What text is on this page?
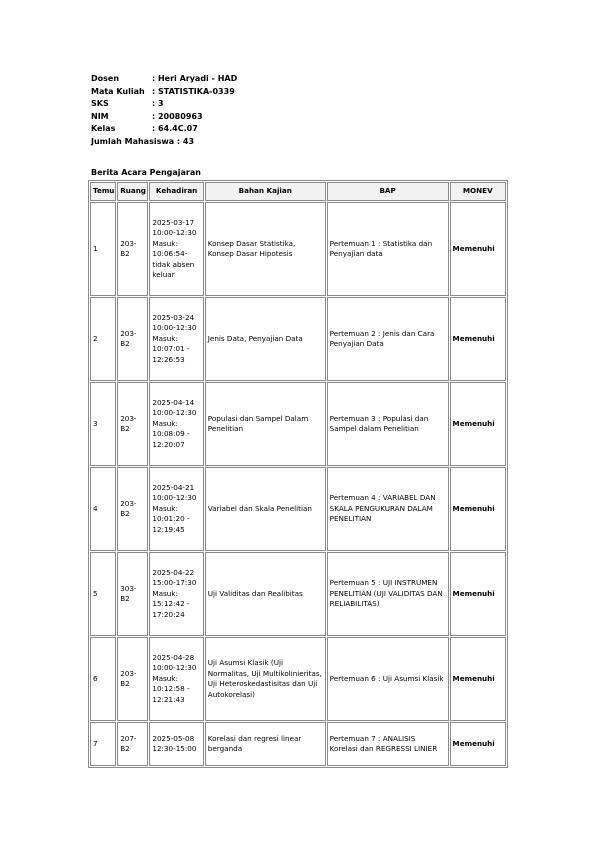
Dosen	: Heri Aryadi - HAD
Mata Kuliah : STATISTIKA-0339
SKS	: 3
NIM	: 20080963
Kelas	: 64.4C.07
Jumlah Mahasiswa : 43
Berita Acara Pengajaran
Temu	Ruang	Kehadiran	Bahan Kajian	BAP	MONEV
1	203-B2	2025-03-17 10:00-12:30 Masuk: 10:06:54- tidak absen keluar	Konsep Dasar Statistika, Konsep Dasar Hipotesis	Pertemuan 1 : Statistika dan Penyajian data	Memenuhi
2	203-B2	2025-03-24 10:00-12:30 Masuk: 10:07:01 - 12:26:53	Jenis Data, Penyajian Data	Pertemuan 2 : Jenis dan Cara Penyajian Data	Memenuhi
3	203-B2	2025-04-14 10:00-12:30 Masuk: 10:08:09 - 12:20:07	Populasi dan Sampel Dalam Penelitian	Pertemuan 3 : Populasi dan Sampel dalam Penelitian	Memenuhi
4	203-B2	2025-04-21 10:00-12:30 Masuk: 10:01:20 - 12:19:45	Variabel dan Skala Penelitian	Pertemuan 4 : VARIABEL DAN SKALA PENGUKURAN DALAM PENELITIAN	Memenuhi
5	303-B2	2025-04-22 15:00-17:30 Masuk: 15:12:42 - 17:20:24	Uji Validitas dan Realibitas	Pertemuan 5 : UJI INSTRUMEN PENELITIAN (UJI VALIDITAS DAN RELIABILITAS)	Memenuhi
6	203-B2	2025-04-28 10:00-12:30 Masuk: 10:12:58 - 12:21:43	Uji Asumsi Klasik (Uji Normalitas, Uji Multikolinieritas, Uji Heteroskedastisitas dan Uji Autokorelasi)	Pertemuan 6 : Uji Asumsi Klasik	Memenuhi
7	207-B2	2025-05-08 12:30-15:00	Korelasi dan regresi linear berganda	Pertemuan 7 : ANALISIS Korelasi dan REGRESSI LINIER	Memenuhi
